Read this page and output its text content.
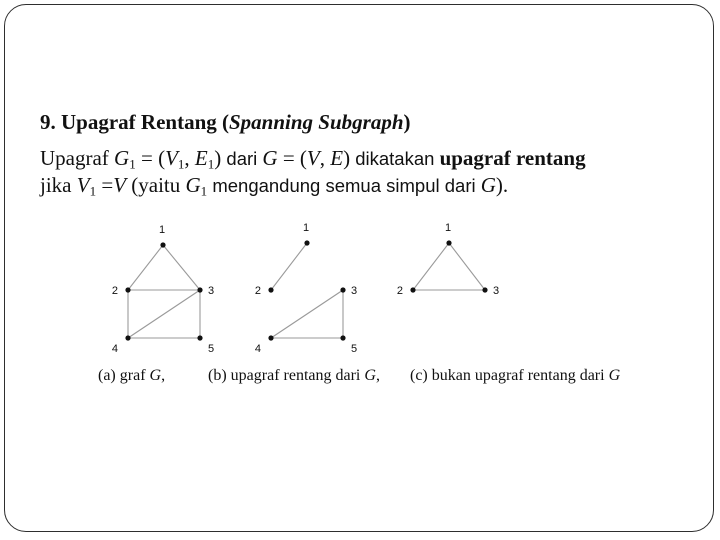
9. Upagraf Rentang (Spanning Subgraph)

Upagraf $G_1 = (V_1$, $E_1$) dari G = (V, E) dikatakan upagraf rentang

jika $V_1 =V$ (yaitu $G_1$ mengandung semua simpul dari G).

1
2	3
4	5
1
2	3
4	5
1
2	3

(a) graf G,	(b) upagraf rentang dari G, (c) bukan upagraf rentang dari G
